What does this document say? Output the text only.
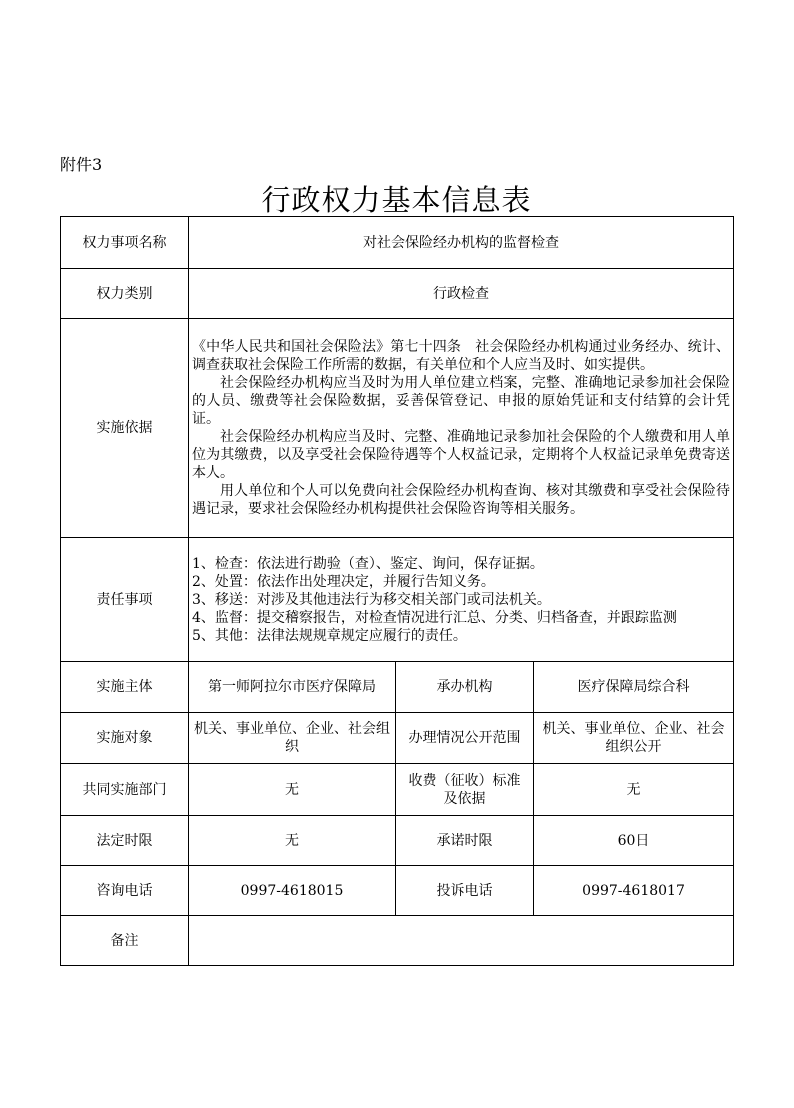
附件3
行政权力基本信息表
权力事项名称	对社会保险经办机构的监督检查		
权力类别	行政检查		
实施依据	《中华人民共和国社会保险法》第七十四条　社会保险经办机构通过业务经办、统计、调查获取社会保险工作所需的数据，有关单位和个人应当及时、如实提供。

社会保险经办机构应当及时为用人单位建立档案，完整、准确地记录参加社会保险的人员、缴费等社会保险数据，妥善保管登记、申报的原始凭证和支付结算的会计凭证。

社会保险经办机构应当及时、完整、准确地记录参加社会保险的个人缴费和用人单位为其缴费，以及享受社会保险待遇等个人权益记录，定期将个人权益记录单免费寄送本人。

用人单位和个人可以免费向社会保险经办机构查询、核对其缴费和享受社会保险待遇记录，要求社会保险经办机构提供社会保险咨询等相关服务。		

责任事项	1、检查：依法进行勘验（查）、鉴定、询问，保存证据。

2、处置：依法作出处理决定，并履行告知义务。

3、移送：对涉及其他违法行为移交相关部门或司法机关。

4、监督：提交稽察报告，对检查情况进行汇总、分类、归档备查，并跟踪监测

5、其他：法律法规规章规定应履行的责任。		

实施主体	第一师阿拉尔市医疗保障局	承办机构	医疗保障局综合科
实施对象	机关、事业单位、企业、社会组织	办理情况公开范围	机关、事业单位、企业、社会组织公开
共同实施部门	无	收费（征收）标准及依据	无
法定时限	无	承诺时限	60日
咨询电话	0997-4618015	投诉电话	0997-4618017
备注			
